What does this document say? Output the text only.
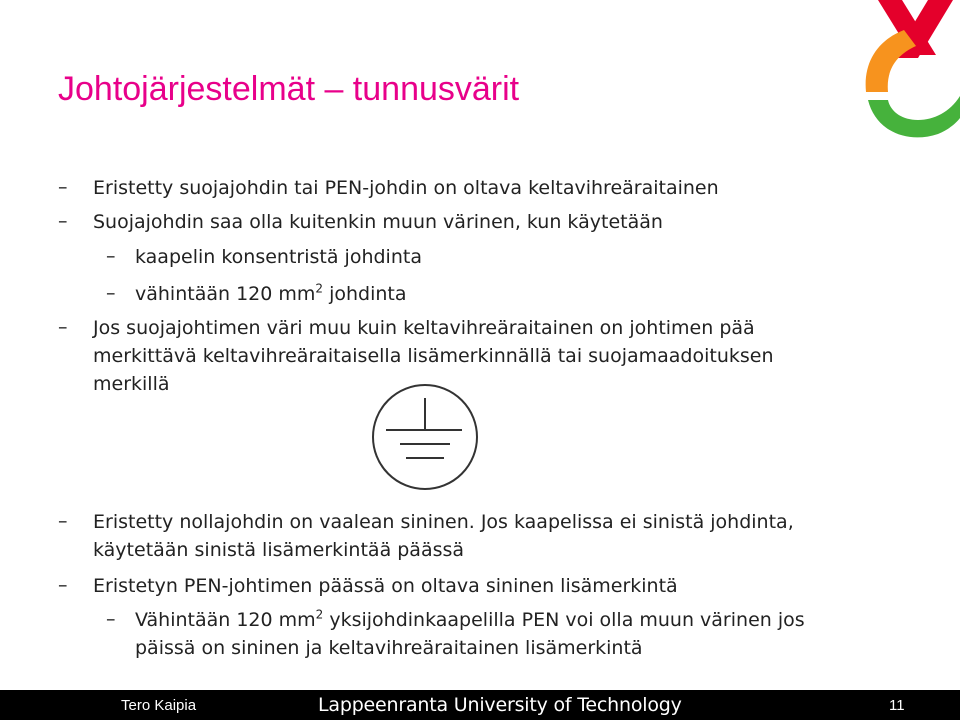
Johtojärjestelmät – tunnusvärit
– Eristetty suojajohdin tai PEN-johdin on oltava keltavihreäraitainen
– Suojajohdin saa olla kuitenkin muun värinen, kun käytetään
– kaapelin konsentristä johdinta
– vähintään 120 $mm^2$ johdinta
– Jos suojajohtimen väri muu kuin keltavihreäraitainen on johtimen pää
merkittävä keltavihreäraitaisella lisämerkinnällä tai suojamaadoituksen
merkillä
– Eristetty nollajohdin on vaalean sininen. Jos kaapelissa ei sinistä johdinta,
käytetään sinistä lisämerkintää päässä
– Eristetyn PEN-johtimen päässä on oltava sininen lisämerkintä
– Vähintään 120 $mm^2$ yksijohdinkaapelilla PEN voi olla muun värinen jos
päissä on sininen ja keltavihreäraitainen lisämerkintä
Tero Kaipia	Lappeenranta University of Technology	11
